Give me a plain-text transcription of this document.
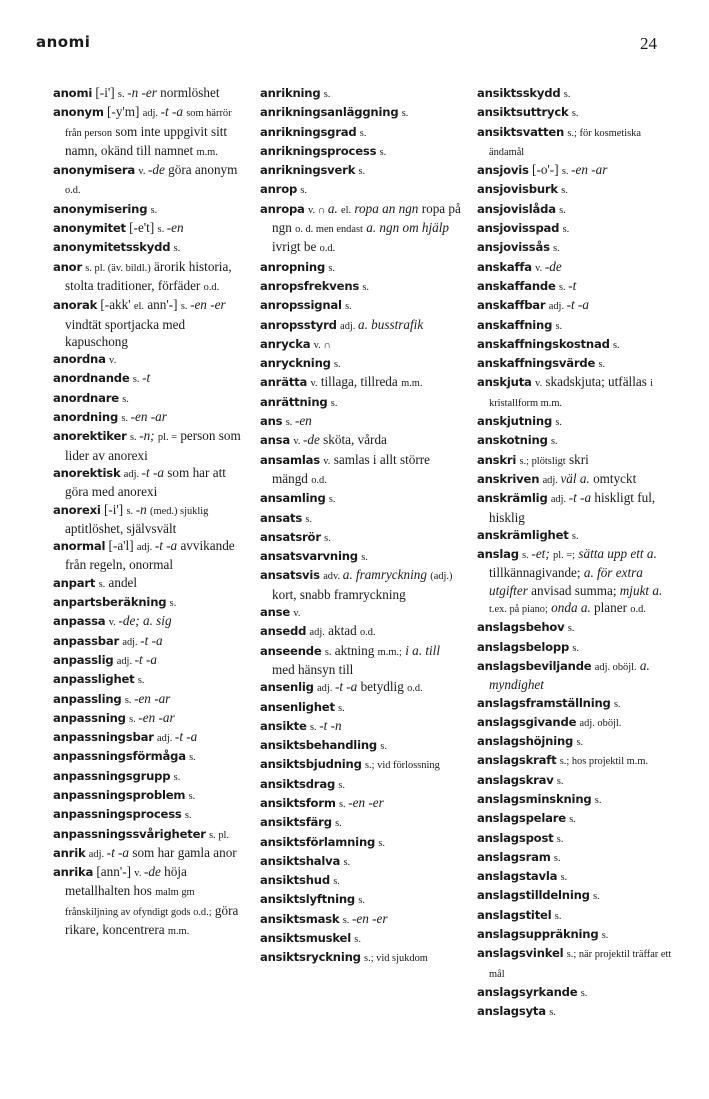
anomi	24

anomi [-i'] s. -n -er normlöshet

anonym [-y'm] adj. -t -a som härrör från person som inte uppgivit sitt namn, okänd till namnet m.m.

anonymisera v. -de göra anonym o.d.

anonymisering s.

anonymitet [-e't] s. -en

anonymitetsskydd s.

anor s. pl. (äv. bildl.) ärorik historia, stolta traditioner, förfäder o.d.

anorak [-akk' el. ann'-] s. -en -er vindtät sportjacka med kapuschong

anordna v.

anordnande s. -t

anordnare s.

anordning s. -en -ar

anorektiker s. -n; pl. = person som lider av anorexi

anorektisk adj. -t -a som har att göra med anorexi

anorexi [-i'] s. -n (med.) sjuklig aptitlöshet, självsvält

anormal [-a'l] adj. -t -a avvikande från regeln, onormal

anpart s. andel

anpartsberäkning s.

anpassa v. -de; a. sig

anpassbar adj. -t -a

anpasslig adj. -t -a

anpasslighet s.

anpassling s. -en -ar

anpassning s. -en -ar

anpassningsbar adj. -t -a

anpassningsförmåga s.

anpassningsgrupp s.

anpassningsproblem s.

anpassningsprocess s.

anpassningssvårigheter s. pl.

anrik adj. -t -a som har gamla anor

anrika [ann'-] v. -de höja metallhalten hos malm gm frånskiljning av ofyndigt gods o.d.; göra rikare, koncentrera m.m.

anrikning s.

anrikningsanläggning s.

anrikningsgrad s.

anrikningsprocess s.

anrikningsverk s.

anrop s.

anropa v. ∩ a. el. ropa an ngn ropa på ngn o. d. men endast a. ngn om hjälp ivrigt be o.d.

anropning s.

anropsfrekvens s.

anropssignal s.

anropsstyrd adj. a. busstrafik

anrycka v. ∩

anryckning s.

anrätta v. tillaga, tillreda m.m.

anrättning s.

ans s. -en

ansa v. -de sköta, vårda

ansamlas v. samlas i allt större mängd o.d.

ansamling s.

ansats s.

ansatsrör s.

ansatsvarvning s.

ansatsvis adv. a. framryckning (adj.) kort, snabb framryckning

anse v.

ansedd adj. aktad o.d.

anseende s. aktning m.m.; i a. till med hänsyn till

ansenlig adj. -t -a betydlig o.d.

ansenlighet s.

ansikte s. -t -n

ansiktsbehandling s.

ansiktsbjudning s.; vid förlossning

ansiktsdrag s.

ansiktsform s. -en -er

ansiktsfärg s.

ansiktsförlamning s.

ansiktshalva s.

ansiktshud s.

ansiktslyftning s.

ansiktsmask s. -en -er

ansiktsmuskel s.

ansiktsryckning s.; vid sjukdom

ansiktsskydd s.

ansiktsuttryck s.

ansiktsvatten s.; för kosmetiska ändamål

ansjovis [-o'-] s. -en -ar

ansjovisburk s.

ansjovislåda s.

ansjovisspad s.

ansjovissås s.

anskaffa v. -de

anskaffande s. -t

anskaffbar adj. -t -a

anskaffning s.

anskaffningskostnad s.

anskaffningsvärde s.

anskjuta v. skadskjuta; utfällas i kristallform m.m.

anskjutning s.

anskotning s.

anskri s.; plötsligt skri

anskriven adj. väl a. omtyckt

anskrämlig adj. -t -a hiskligt ful, hisklig

anskrämlighet s.

anslag s. -et; pl. =; sätta upp ett a. tillkännagivande; a. för extra utgifter anvisad summa; mjukt a. t.ex. på piano; onda a. planer o.d.

anslagsbehov s.

anslagsbelopp s.

anslagsbeviljande adj. oböjl. a. myndighet

anslagsframställning s.

anslagsgivande adj. oböjl.

anslagshöjning s.

anslagskraft s.; hos projektil m.m.

anslagskrav s.

anslagsminskning s.

anslagspelare s.

anslagspost s.

anslagsram s.

anslagstavla s.

anslagstilldelning s.

anslagstitel s.

anslagsuppräkning s.

anslagsvinkel s.; när projektil träffar ett mål

anslagsyrkande s.

anslagsyta s.
